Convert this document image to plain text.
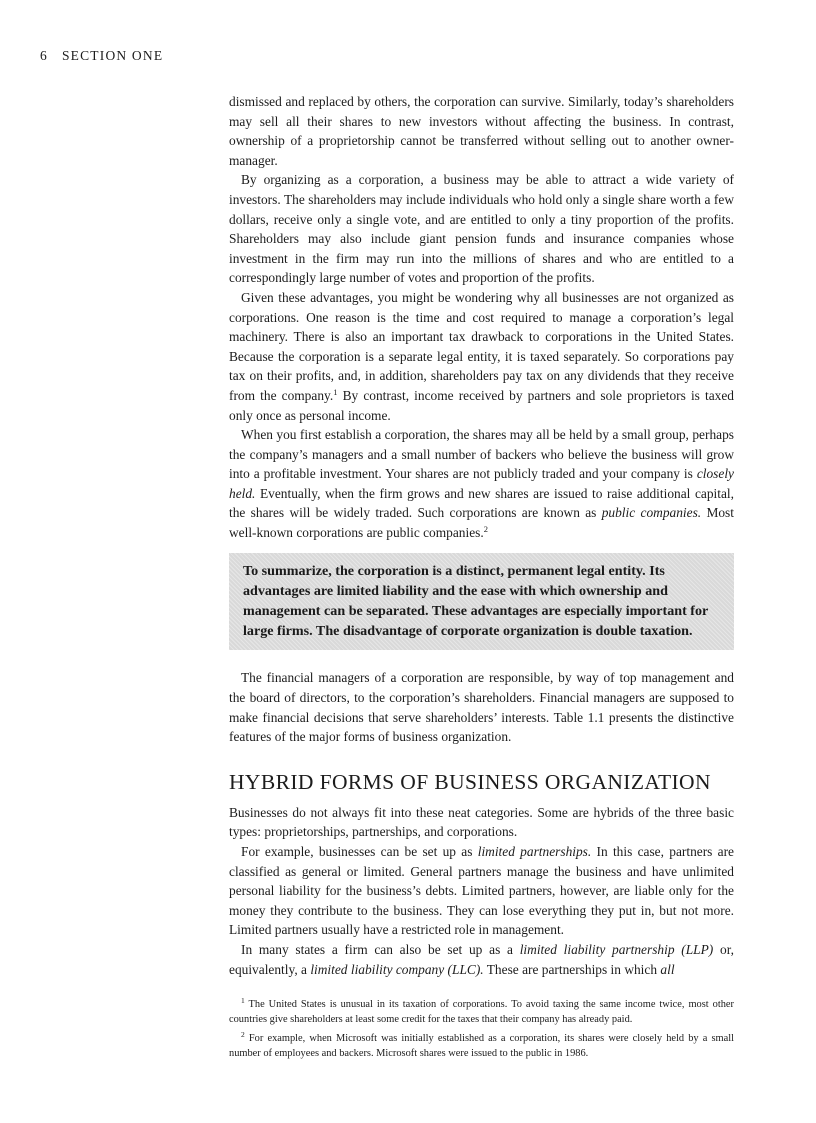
6 SECTION ONE

dismissed and replaced by others, the corporation can survive. Similarly, today’s shareholders may sell all their shares to new investors without affecting the business. In contrast, ownership of a proprietorship cannot be transferred without selling out to another owner-manager.

By organizing as a corporation, a business may be able to attract a wide variety of investors. The shareholders may include individuals who hold only a single share worth a few dollars, receive only a single vote, and are entitled to only a tiny proportion of the profits. Shareholders may also include giant pension funds and insurance companies whose investment in the firm may run into the millions of shares and who are entitled to a correspondingly large number of votes and proportion of the profits.

Given these advantages, you might be wondering why all businesses are not organized as corporations. One reason is the time and cost required to manage a corporation’s legal machinery. There is also an important tax drawback to corporations in the United States. Because the corporation is a separate legal entity, it is taxed separately. So corporations pay tax on their profits, and, in addition, shareholders pay tax on any dividends that they receive from the company.$^1$ By contrast, income received by partners and sole proprietors is taxed only once as personal income.

When you first establish a corporation, the shares may all be held by a small group, perhaps the company’s managers and a small number of backers who believe the business will grow into a profitable investment. Your shares are not publicly traded and your company is closely held. Eventually, when the firm grows and new shares are issued to raise additional capital, the shares will be widely traded. Such corporations are known as public companies. Most well-known corporations are public companies.$^2$

To summarize, the corporation is a distinct, permanent legal entity. Its advantages are limited liability and the ease with which ownership and management can be separated. These advantages are especially important for large firms. The disadvantage of corporate organization is double taxation.

The financial managers of a corporation are responsible, by way of top management and the board of directors, to the corporation’s shareholders. Financial managers are supposed to make financial decisions that serve shareholders’ interests. Table 1.1 presents the distinctive features of the major forms of business organization.

HYBRID FORMS OF BUSINESS ORGANIZATION

Businesses do not always fit into these neat categories. Some are hybrids of the three basic types: proprietorships, partnerships, and corporations.

For example, businesses can be set up as limited partnerships. In this case, partners are classified as general or limited. General partners manage the business and have unlimited personal liability for the business’s debts. Limited partners, however, are liable only for the money they contribute to the business. They can lose everything they put in, but not more. Limited partners usually have a restricted role in management.

In many states a firm can also be set up as a limited liability partnership (LLP) or, equivalently, a limited liability company (LLC). These are partnerships in which all

$^1$ The United States is unusual in its taxation of corporations. To avoid taxing the same income twice, most other countries give shareholders at least some credit for the taxes that their company has already paid.

$^2$ For example, when Microsoft was initially established as a corporation, its shares were closely held by a small number of employees and backers. Microsoft shares were issued to the public in 1986.
